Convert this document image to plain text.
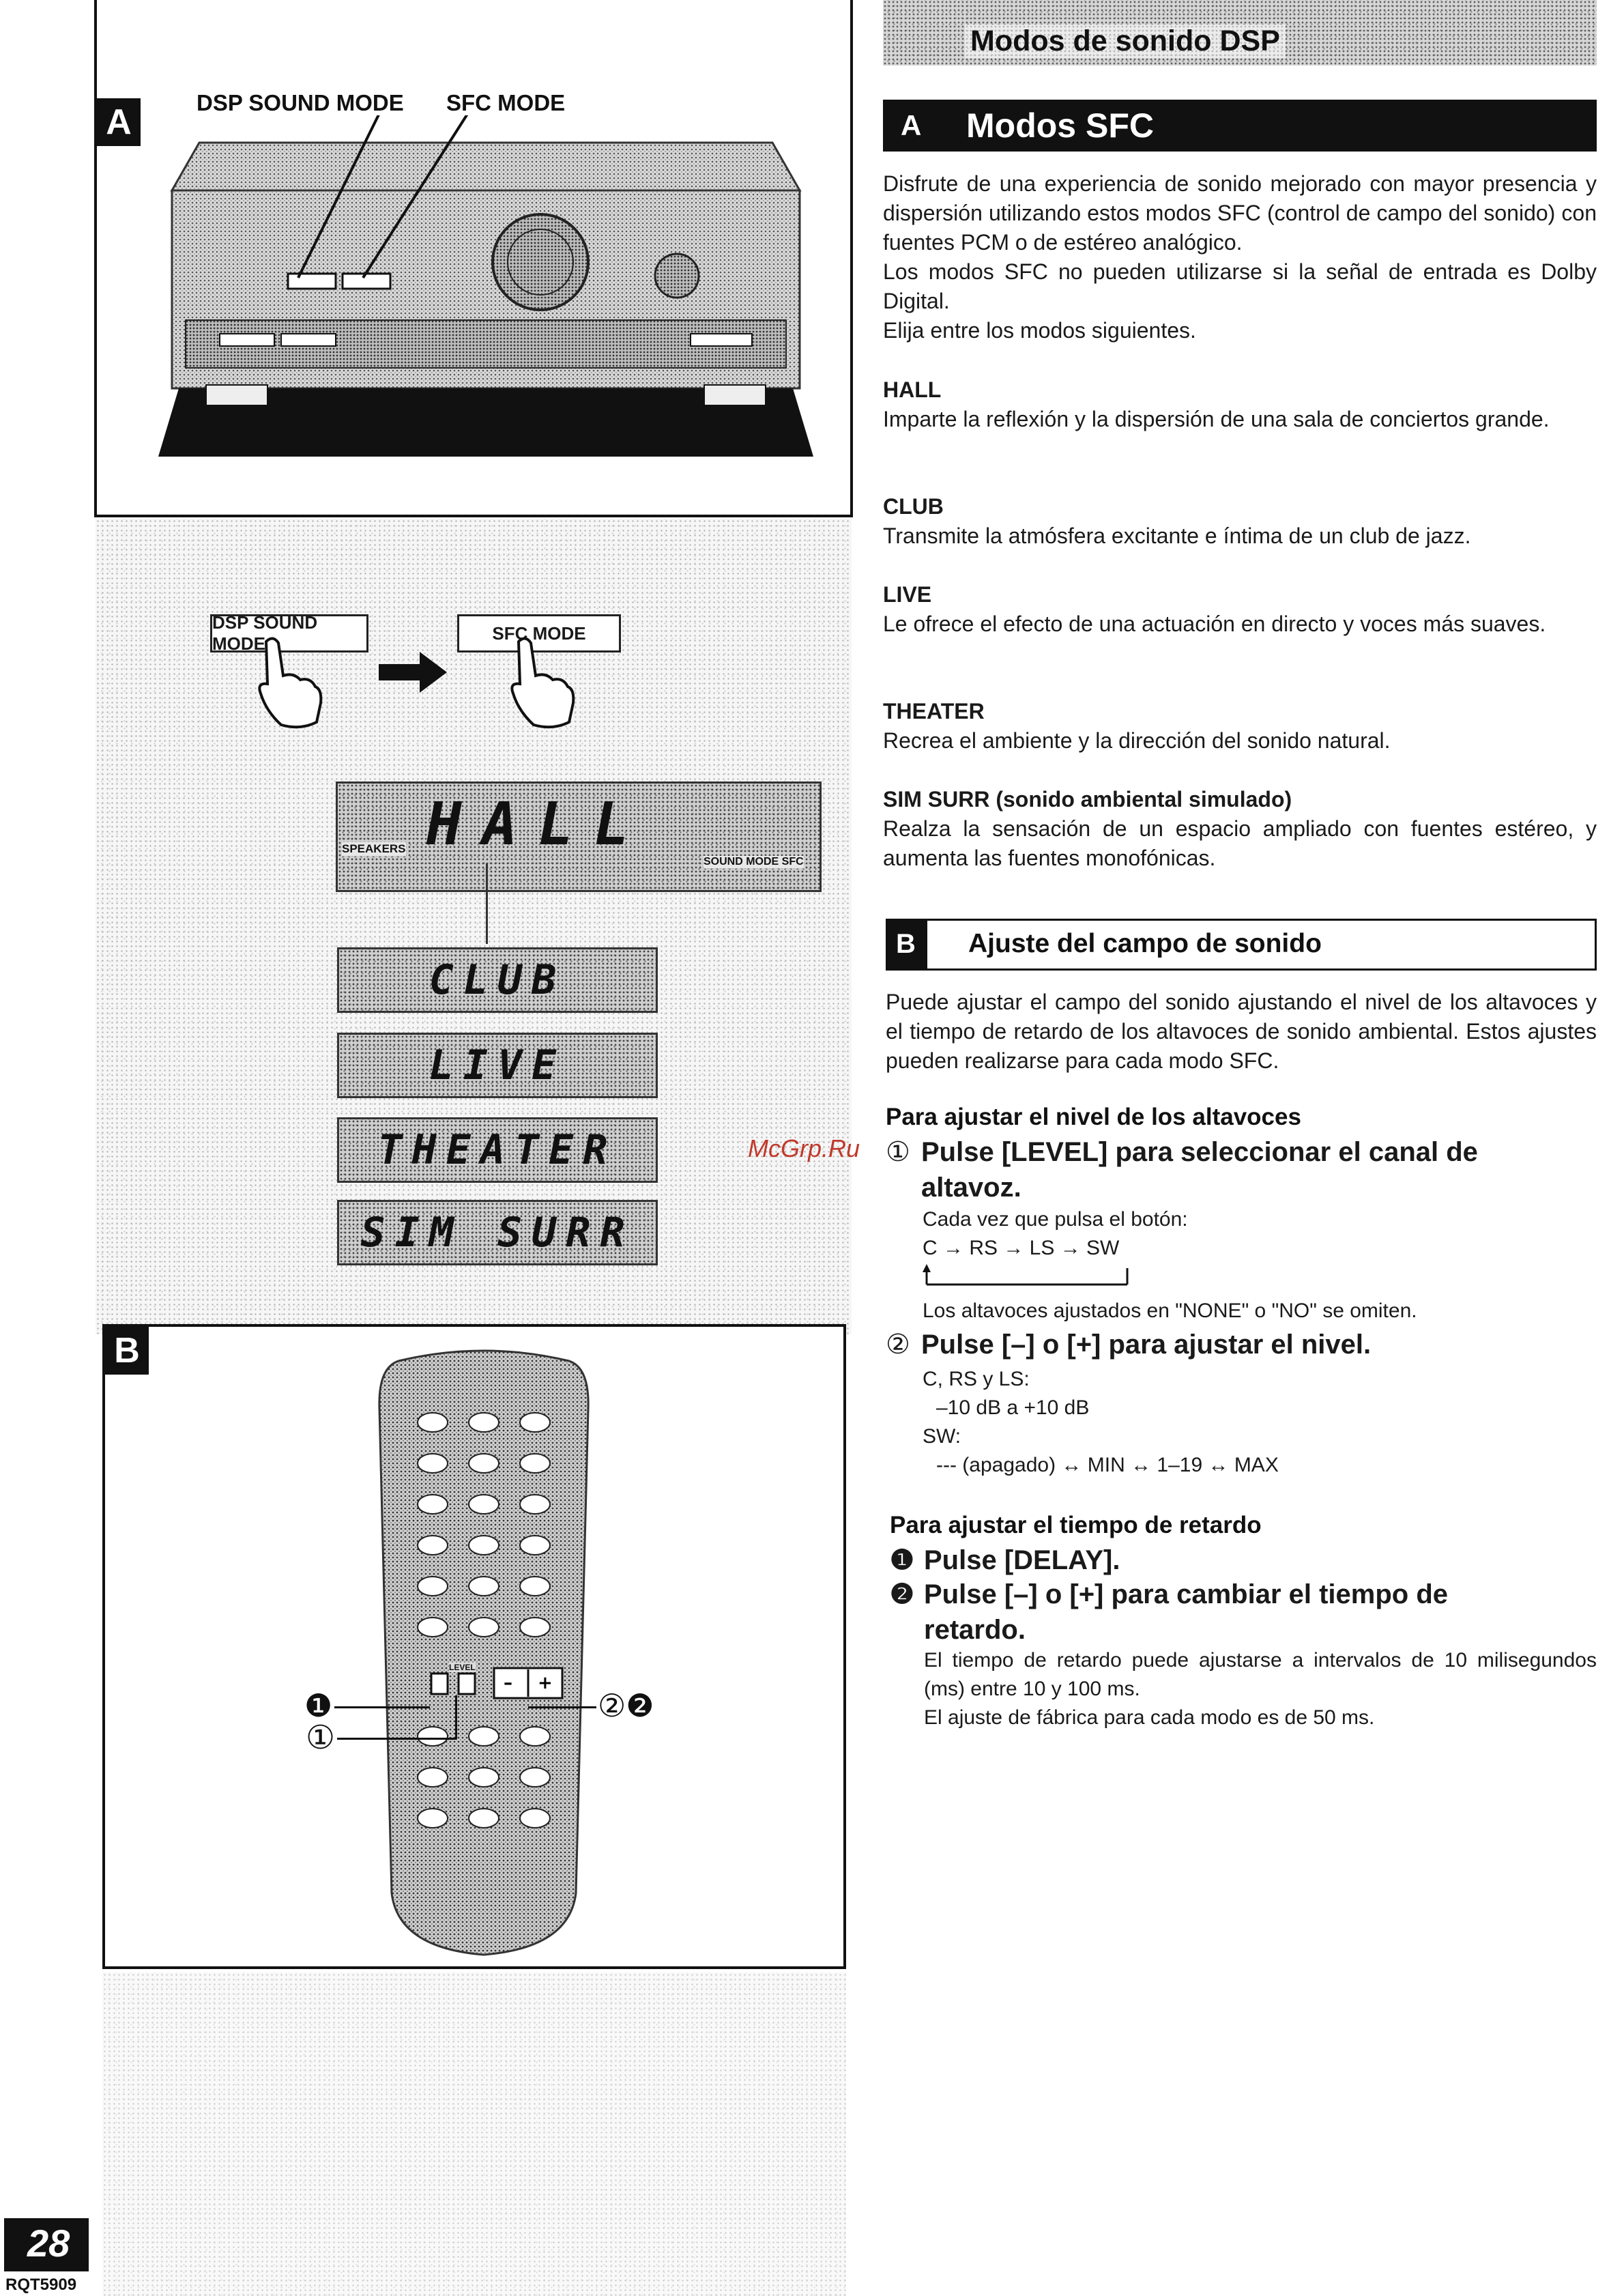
A	DSP SOUND MODE SFC MODE
DSP SOUND MODE
SFC MODE
HALL
SPEAKERS
SOUND MODE SFC
CLUB
LIVE
THEATER
SIM SURR
B
– +
LEVEL
❶
①
②❷
28
RQT5909
Modos de sonido DSP
A Modos SFC
Disfrute de una experiencia de sonido mejorado con mayor presencia y dispersión utilizando estos modos SFC (control de campo del sonido) con fuentes PCM o de estéreo analógico.
Los modos SFC no pueden utilizarse si la señal de entrada es Dolby Digital.
Elija entre los modos siguientes.
HALL
Imparte la reflexión y la dispersión de una sala de conciertos grande.
CLUB
Transmite la atmósfera excitante e íntima de un club de jazz.
LIVE
Le ofrece el efecto de una actuación en directo y voces más suaves.
THEATER
Recrea el ambiente y la dirección del sonido natural.
SIM SURR (sonido ambiental simulado)
Realza la sensación de un espacio ampliado con fuentes estéreo, y aumenta las fuentes monofónicas.
B Ajuste del campo de sonido
Puede ajustar el campo del sonido ajustando el nivel de los altavoces y el tiempo de retardo de los altavoces de sonido ambiental. Estos ajustes pueden realizarse para cada modo SFC.
Para ajustar el nivel de los altavoces
McGrp.Ru ① Pulse [LEVEL] para seleccionar el canal de altavoz.
Cada vez que pulsa el botón:
C → RS → LS → SW
Los altavoces ajustados en "NONE" o "NO" se omiten.
② Pulse [–] o [+] para ajustar el nivel.
C, RS y LS:
–10 dB a +10 dB
SW:
--- (apagado) ↔ MIN ↔ 1–19 ↔ MAX
Para ajustar el tiempo de retardo
❶ Pulse [DELAY].
❷ Pulse [–] o [+] para cambiar el tiempo de retardo.
El tiempo de retardo puede ajustarse a intervalos de 10 milisegundos (ms) entre 10 y 100 ms.
El ajuste de fábrica para cada modo es de 50 ms.
